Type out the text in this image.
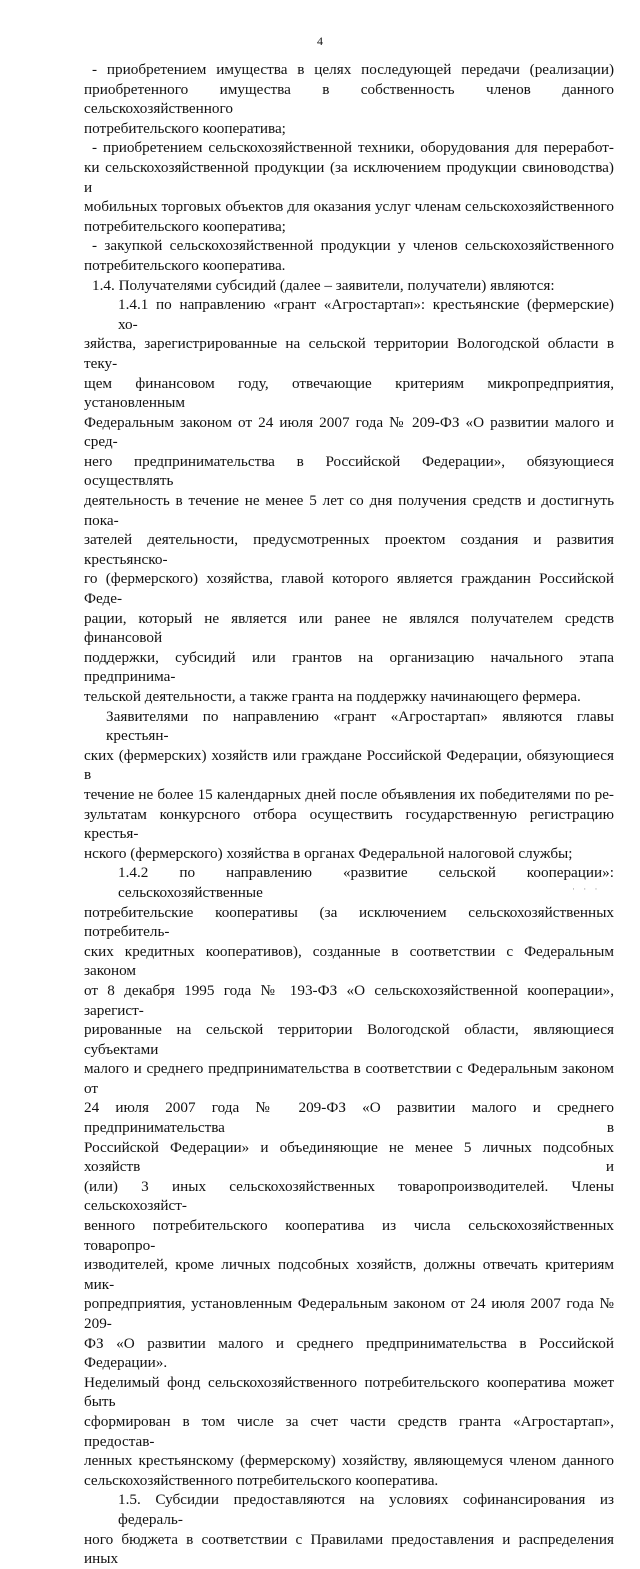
4
- приобретением имущества в целях последующей передачи (реализации)
приобретенного имущества в собственность членов данного сельскохозяйственного
потребительского кооператива;
- приобретением сельскохозяйственной техники, оборудования для переработ-
ки сельскохозяйственной продукции (за исключением продукции свиноводства) и
мобильных торговых объектов для оказания услуг членам сельскохозяйственного
потребительского кооператива;
- закупкой сельскохозяйственной продукции у членов сельскохозяйственного
потребительского кооператива.
1.4. Получателями субсидий (далее – заявители, получатели) являются:
1.4.1 по направлению «грант «Агростартап»: крестьянские (фермерские) хо-
зяйства, зарегистрированные на сельской территории Вологодской области в теку-
щем финансовом году, отвечающие критериям микропредприятия, установленным
Федеральным законом от 24 июля 2007 года № 209-ФЗ «О развитии малого и сред-
него предпринимательства в Российской Федерации», обязующиеся осуществлять
деятельность в течение не менее 5 лет со дня получения средств и достигнуть пока-
зателей деятельности, предусмотренных проектом создания и развития крестьянско-
го (фермерского) хозяйства, главой которого является гражданин Российской Феде-
рации, который не является или ранее не являлся получателем средств финансовой
поддержки, субсидий или грантов на организацию начального этапа предпринима-
тельской деятельности, а также гранта на поддержку начинающего фермера.
Заявителями по направлению «грант «Агростартап» являются главы крестьян-
ских (фермерских) хозяйств или граждане Российской Федерации, обязующиеся в
течение не более 15 календарных дней после объявления их победителями по ре-
зультатам конкурсного отбора осуществить государственную регистрацию крестья-
нского (фермерского) хозяйства в органах Федеральной налоговой службы;
1.4.2 по направлению «развитие сельской кооперации»: сельскохозяйственные
потребительские кооперативы (за исключением сельскохозяйственных потребитель-
ских кредитных кооперативов), созданные в соответствии с Федеральным законом
от 8 декабря 1995 года № 193-ФЗ «О сельскохозяйственной кооперации», зарегист-
рированные на сельской территории Вологодской области, являющиеся субъектами
малого и среднего предпринимательства в соответствии с Федеральным законом от
24 июля 2007 года № 209-ФЗ «О развитии малого и среднего предпринимательства в
Российской Федерации» и объединяющие не менее 5 личных подсобных хозяйств и
(или) 3 иных сельскохозяйственных товаропроизводителей. Члены сельскохозяйст-
венного потребительского кооператива из числа сельскохозяйственных товаропро-
изводителей, кроме личных подсобных хозяйств, должны отвечать критериям мик-
ропредприятия, установленным Федеральным законом от 24 июля 2007 года № 209-
ФЗ «О развитии малого и среднего предпринимательства в Российской Федерации».
Неделимый фонд сельскохозяйственного потребительского кооператива может быть
сформирован в том числе за счет части средств гранта «Агростартап», предостав-
ленных крестьянскому (фермерскому) хозяйству, являющемуся членом данного
сельскохозяйственного потребительского кооператива.
1.5. Субсидии предоставляются на условиях софинансирования из федераль-
ного бюджета в соответствии с Правилами предоставления и распределения иных
· · ·
